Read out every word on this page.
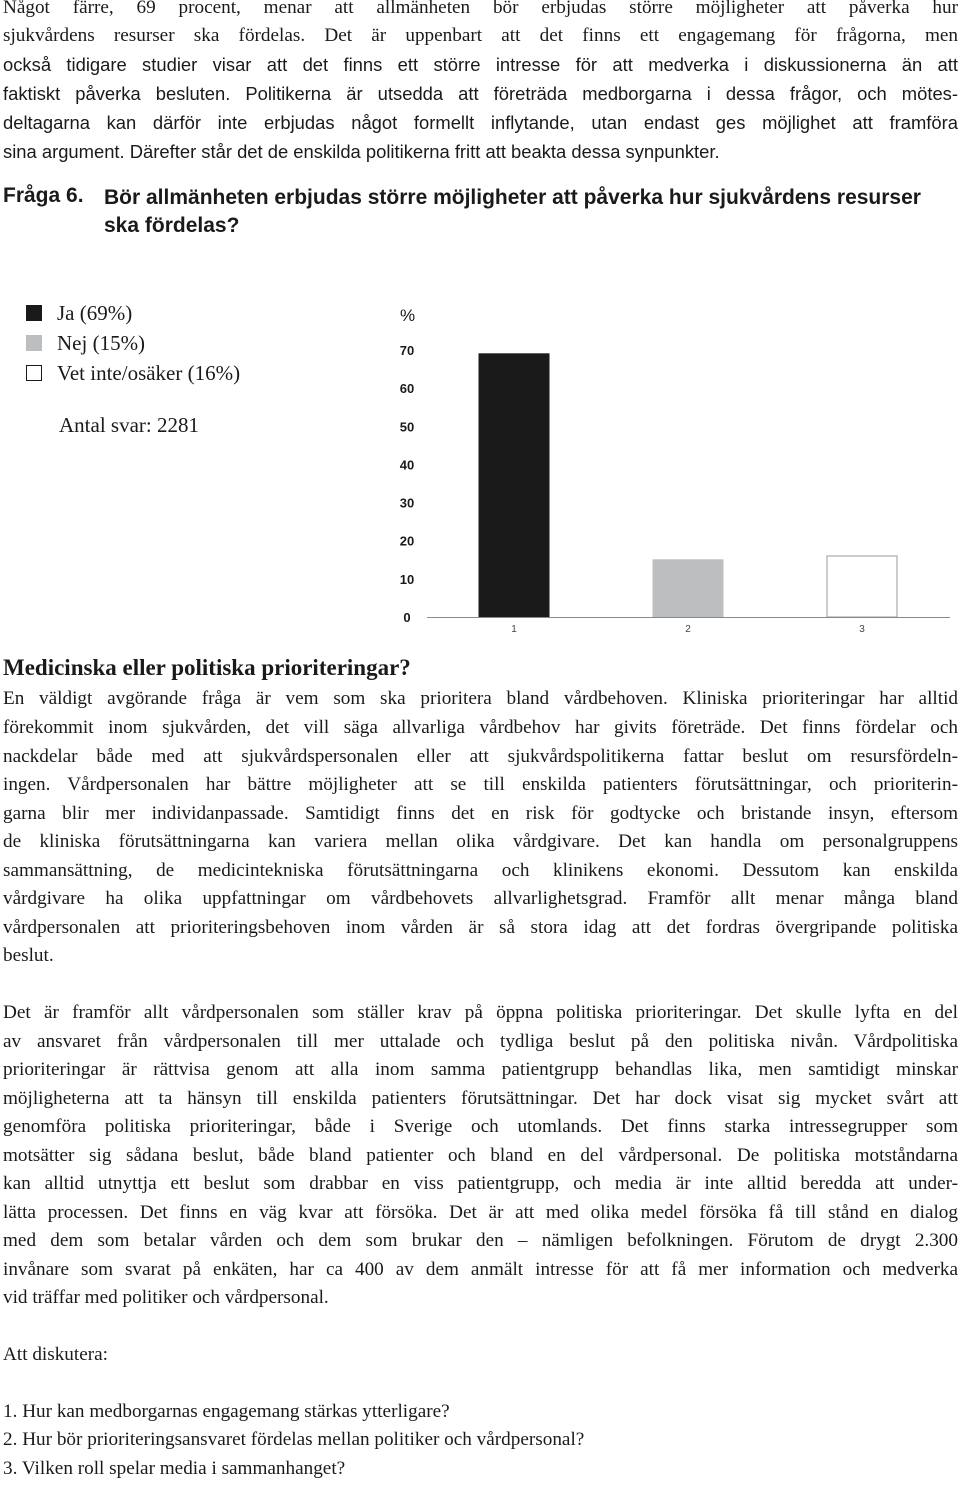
Något färre, 69 procent, menar att allmänheten bör erbjudas större möjligheter att påverka hur
sjukvårdens resurser ska fördelas. Det är uppenbart att det finns ett engagemang för frågorna, men
också tidigare studier visar att det finns ett större intresse för att medverka i diskussionerna än att
faktiskt påverka besluten. Politikerna är utsedda att företräda medborgarna i dessa frågor, och mötes-
deltagarna kan därför inte erbjudas något formellt inflytande, utan endast ges möjlighet att framföra
sina argument. Därefter står det de enskilda politikerna fritt att beakta dessa synpunkter.
Fråga 6. Bör allmänheten erbjudas större möjligheter att påverka hur sjukvårdens resurser ska fördelas?
Ja (69%)
Nej (15%)
Vet inte/osäker (16%)
Antal svar: 2281
%
0
10
20
30
40
50
60
70
1	2	3
Medicinska eller politiska prioriteringar?
En väldigt avgörande fråga är vem som ska prioritera bland vårdbehoven. Kliniska prioriteringar har alltid
förekommit inom sjukvården, det vill säga allvarliga vårdbehov har givits företräde. Det finns fördelar och
nackdelar både med att sjukvårdspersonalen eller att sjukvårdspolitikerna fattar beslut om resursfördeln-
ingen. Vårdpersonalen har bättre möjligheter att se till enskilda patienters förutsättningar, och prioriterin-
garna blir mer individanpassade. Samtidigt finns det en risk för godtycke och bristande insyn, eftersom
de kliniska förutsättningarna kan variera mellan olika vårdgivare. Det kan handla om personalgruppens
sammansättning, de medicintekniska förutsättningarna och klinikens ekonomi. Dessutom kan enskilda
vårdgivare ha olika uppfattningar om vårdbehovets allvarlighetsgrad. Framför allt menar många bland
vårdpersonalen att prioriteringsbehoven inom vården är så stora idag att det fordras övergripande politiska
beslut.
Det är framför allt vårdpersonalen som ställer krav på öppna politiska prioriteringar. Det skulle lyfta en del
av ansvaret från vårdpersonalen till mer uttalade och tydliga beslut på den politiska nivån. Vårdpolitiska
prioriteringar är rättvisa genom att alla inom samma patientgrupp behandlas lika, men samtidigt minskar
möjligheterna att ta hänsyn till enskilda patienters förutsättningar. Det har dock visat sig mycket svårt att
genomföra politiska prioriteringar, både i Sverige och utomlands. Det finns starka intressegrupper som
motsätter sig sådana beslut, både bland patienter och bland en del vårdpersonal. De politiska motståndarna
kan alltid utnyttja ett beslut som drabbar en viss patientgrupp, och media är inte alltid beredda att under-
lätta processen. Det finns en väg kvar att försöka. Det är att med olika medel försöka få till stånd en dialog
med dem som betalar vården och dem som brukar den – nämligen befolkningen. Förutom de drygt 2.300
invånare som svarat på enkäten, har ca 400 av dem anmält intresse för att få mer information och medverka
vid träffar med politiker och vårdpersonal.
Att diskutera:
1. Hur kan medborgarnas engagemang stärkas ytterligare?
2. Hur bör prioriteringsansvaret fördelas mellan politiker och vårdpersonal?
3. Vilken roll spelar media i sammanhanget?
